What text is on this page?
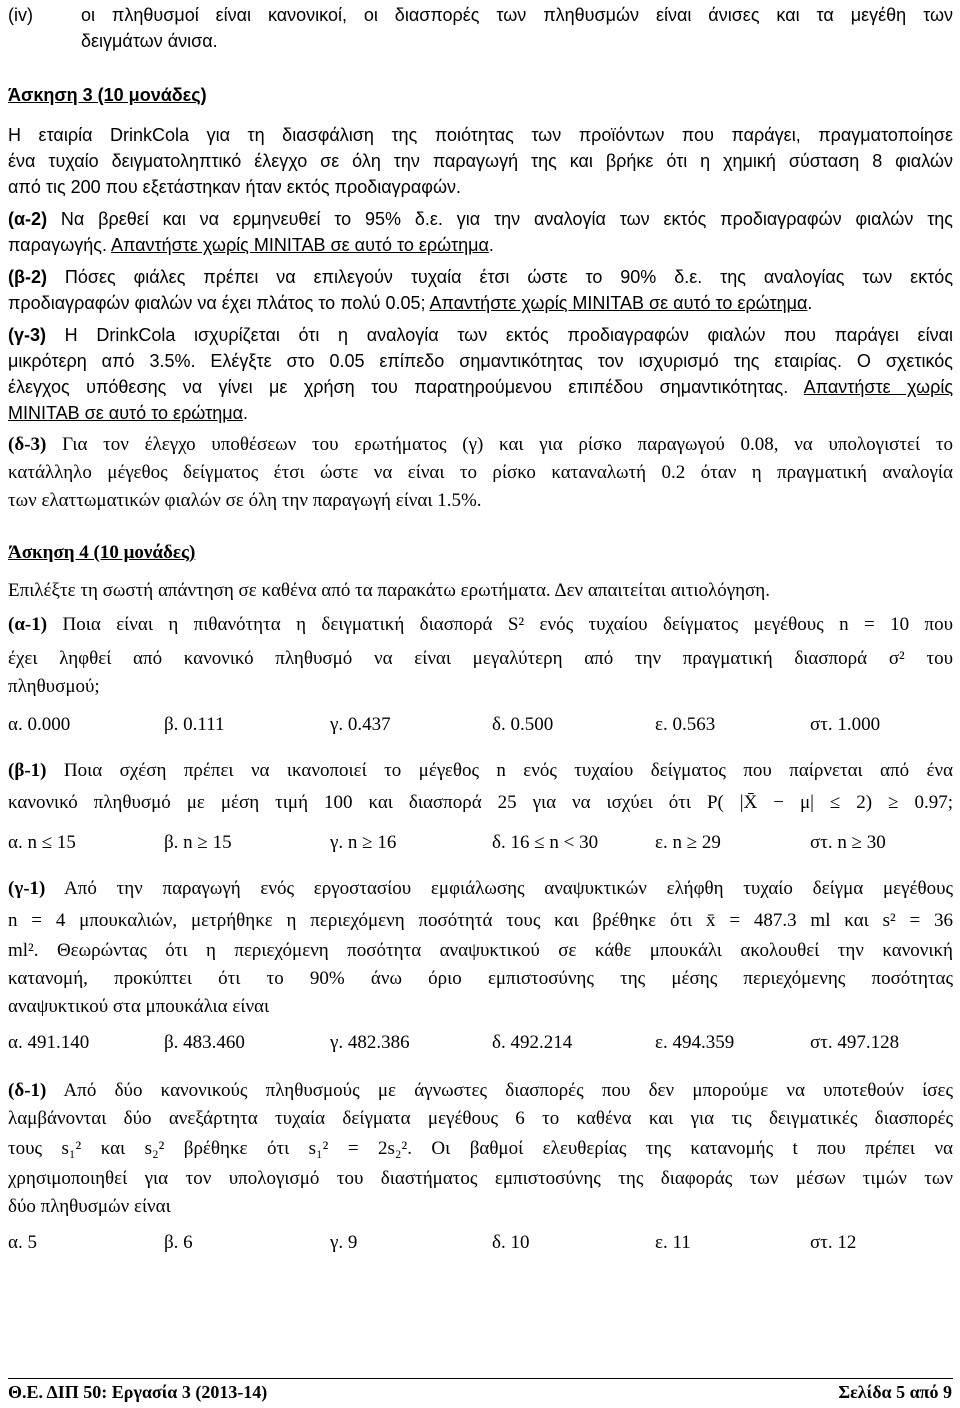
(iv)	οι πληθυσμοί είναι κανονικοί, οι διασπορές των πληθυσμών είναι άνισες και τα μεγέθη των
δειγμάτων άνισα.
Άσκηση 3 (10 μονάδες)
Η εταιρία DrinkCola για τη διασφάλιση της ποιότητας των προϊόντων που παράγει, πραγματοποίησε
ένα τυχαίο δειγματοληπτικό έλεγχο σε όλη την παραγωγή της και βρήκε ότι η χημική σύσταση 8 φιαλών
από τις 200 που εξετάστηκαν ήταν εκτός προδιαγραφών.
(α-2) Να βρεθεί και να ερμηνευθεί το 95% δ.ε. για την αναλογία των εκτός προδιαγραφών φιαλών της
παραγωγής. Απαντήστε χωρίς MINITAB σε αυτό το ερώτημα.
(β-2) Πόσες φιάλες πρέπει να επιλεγούν τυχαία έτσι ώστε το 90% δ.ε. της αναλογίας των εκτός
προδιαγραφών φιαλών να έχει πλάτος το πολύ 0.05; Απαντήστε χωρίς MINITAB σε αυτό το ερώτημα.
(γ-3) Η DrinkCola ισχυρίζεται ότι η αναλογία των εκτός προδιαγραφών φιαλών που παράγει είναι
μικρότερη από 3.5%. Ελέγξτε στο 0.05 επίπεδο σημαντικότητας τον ισχυρισμό της εταιρίας. Ο σχετικός
έλεγχος υπόθεσης να γίνει με χρήση του παρατηρούμενου επιπέδου σημαντικότητας. Απαντήστε χωρίς
MINITAB σε αυτό το ερώτημα.
(δ-3) Για τον έλεγχο υποθέσεων του ερωτήματος (γ) και για ρίσκο παραγωγού 0.08, να υπολογιστεί το
κατάλληλο μέγεθος δείγματος έτσι ώστε να είναι το ρίσκο καταναλωτή 0.2 όταν η πραγματική αναλογία
των ελαττωματικών φιαλών σε όλη την παραγωγή είναι 1.5%.
Άσκηση 4 (10 μονάδες)
Επιλέξτε τη σωστή απάντηση σε καθένα από τα παρακάτω ερωτήματα. Δεν απαιτείται αιτιολόγηση.
(α-1) Ποια είναι η πιθανότητα η δειγματική διασπορά S² ενός τυχαίου δείγματος μεγέθους n = 10 που
έχει ληφθεί από κανονικό πληθυσμό να είναι μεγαλύτερη από την πραγματική διασπορά σ² του
πληθυσμού;
α. 0.000	β. 0.111	γ. 0.437	δ. 0.500	ε. 0.563	στ. 1.000
(β-1) Ποια σχέση πρέπει να ικανοποιεί το μέγεθος n ενός τυχαίου δείγματος που παίρνεται από ένα
κανονικό πληθυσμό με μέση τιμή 100 και διασπορά 25 για να ισχύει ότι P( |X̄ − μ| ≤ 2) ≥ 0.97;
α. n ≤ 15	β. n ≥ 15	γ. n ≥ 16	δ. 16 ≤ n < 30	ε. n ≥ 29	στ. n ≥ 30
(γ-1) Από την παραγωγή ενός εργοστασίου εμφιάλωσης αναψυκτικών ελήφθη τυχαίο δείγμα μεγέθους
n = 4 μπουκαλιών, μετρήθηκε η περιεχόμενη ποσότητά τους και βρέθηκε ότι x̄ = 487.3 ml και s² = 36
ml². Θεωρώντας ότι η περιεχόμενη ποσότητα αναψυκτικού σε κάθε μπουκάλι ακολουθεί την κανονική
κατανομή, προκύπτει ότι το 90% άνω όριο εμπιστοσύνης της μέσης περιεχόμενης ποσότητας
αναψυκτικού στα μπουκάλια είναι
α. 491.140	β. 483.460	γ. 482.386	δ. 492.214	ε. 494.359	στ. 497.128
(δ-1) Από δύο κανονικούς πληθυσμούς με άγνωστες διασπορές που δεν μπορούμε να υποτεθούν ίσες
λαμβάνονται δύο ανεξάρτητα τυχαία δείγματα μεγέθους 6 το καθένα και για τις δειγματικές διασπορές
τους s₁² και s₂² βρέθηκε ότι s₁² = 2s₂². Οι βαθμοί ελευθερίας της κατανομής t που πρέπει να
χρησιμοποιηθεί για τον υπολογισμό του διαστήματος εμπιστοσύνης της διαφοράς των μέσων τιμών των
δύο πληθυσμών είναι
α. 5	β. 6	γ. 9	δ. 10	ε. 11	στ. 12
Θ.Ε. ΔΙΠ 50: Εργασία 3 (2013-14)	Σελίδα 5 από 9
